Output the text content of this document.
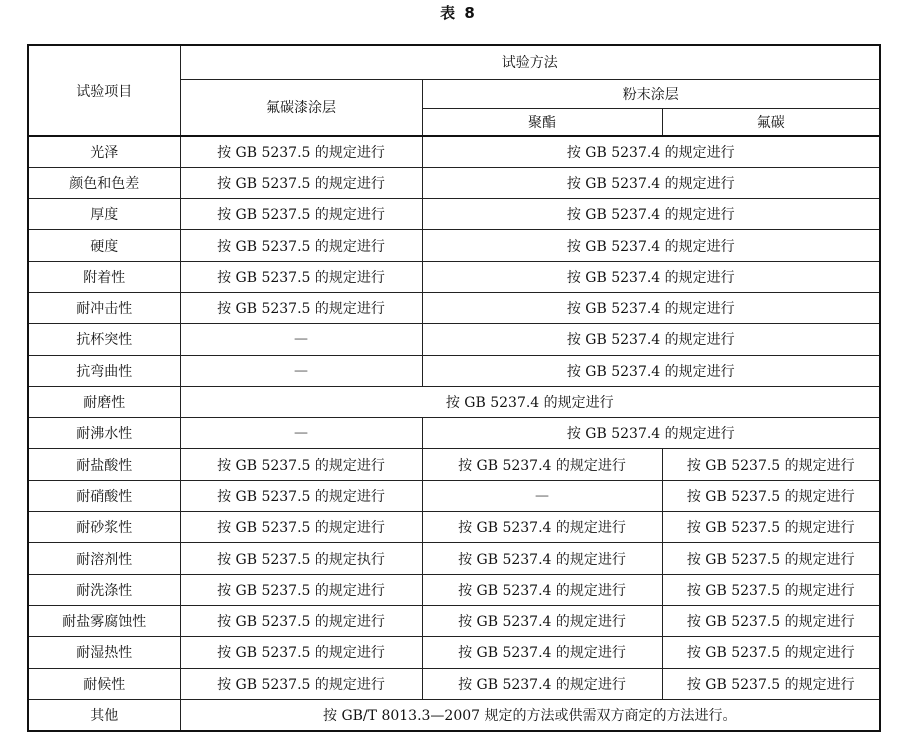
表 8
试验项目	试验方法		
	氟碳漆涂层	粉末涂层	
		聚酯	氟碳
光泽	按 GB 5237.5 的规定进行	按 GB 5237.4 的规定进行	
颜色和色差	按 GB 5237.5 的规定进行	按 GB 5237.4 的规定进行	
厚度	按 GB 5237.5 的规定进行	按 GB 5237.4 的规定进行	
硬度	按 GB 5237.5 的规定进行	按 GB 5237.4 的规定进行	
附着性	按 GB 5237.5 的规定进行	按 GB 5237.4 的规定进行	
耐冲击性	按 GB 5237.5 的规定进行	按 GB 5237.4 的规定进行	
抗杯突性	—	按 GB 5237.4 的规定进行	
抗弯曲性	—	按 GB 5237.4 的规定进行	
耐磨性	按 GB 5237.4 的规定进行		
耐沸水性	—	按 GB 5237.4 的规定进行	
耐盐酸性	按 GB 5237.5 的规定进行	按 GB 5237.4 的规定进行	按 GB 5237.5 的规定进行
耐硝酸性	按 GB 5237.5 的规定进行	—	按 GB 5237.5 的规定进行
耐砂浆性	按 GB 5237.5 的规定进行	按 GB 5237.4 的规定进行	按 GB 5237.5 的规定进行
耐溶剂性	按 GB 5237.5 的规定执行	按 GB 5237.4 的规定进行	按 GB 5237.5 的规定进行
耐洗涤性	按 GB 5237.5 的规定进行	按 GB 5237.4 的规定进行	按 GB 5237.5 的规定进行
耐盐雾腐蚀性	按 GB 5237.5 的规定进行	按 GB 5237.4 的规定进行	按 GB 5237.5 的规定进行
耐湿热性	按 GB 5237.5 的规定进行	按 GB 5237.4 的规定进行	按 GB 5237.5 的规定进行
耐候性	按 GB 5237.5 的规定进行	按 GB 5237.4 的规定进行	按 GB 5237.5 的规定进行
其他	按 GB/T 8013.3—2007 规定的方法或供需双方商定的方法进行。		
